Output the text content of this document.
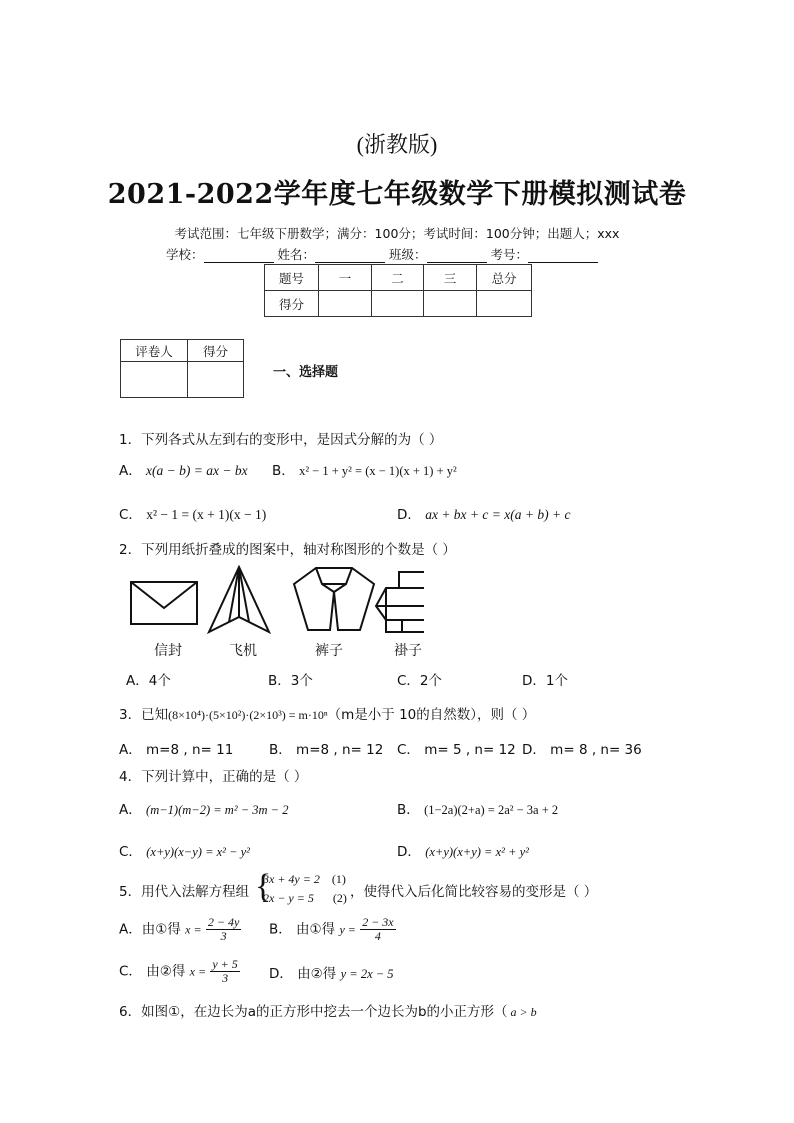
(浙教版)
2021-2022学年度七年级数学下册模拟测试卷
考试范围：七年级下册数学；满分：100分；考试时间：100分钟；出题人；xxx
学校：	姓名：	班级：	考号：
题号	一	二	三	总分
得分				
评卷人	得分

一、选择题
1．下列各式从左到右的变形中，是因式分解的为（ ）
A． x(a − b) = ax − bx B． x² − 1 + y² = (x − 1)(x + 1) + y²
C． x² − 1 = (x + 1)(x − 1)	D． ax + bx + c = x(a + b) + c
2．下列用纸折叠成的图案中，轴对称图形的个数是（ ）
信封	飞机	裤子	褂子
A．4个	B．3个	C．2个	D．1个
3．已知(8×10⁴)·(5×10²)·(2×10³) = m·10ⁿ（m是小于 10的自然数），则（ ）
A． m=8 , n= 11	B． m=8 , n= 12 C． m= 5 , n= 12 D． m= 8 , n= 36
4．下列计算中，正确的是（ ）
A． (m−1)(m−2) = m² − 3m − 2	B． (1−2a)(2+a) = 2a² − 3a + 2
C． (x+y)(x−y) = x² − y²	D． (x+y)(x+y) = x² + y²
5．用代入法解方程组 {
3x + 4y = 2 (1)
2x − y = 5 (2) ，使得代入后化简比较容易的变形是（ ）
A．由①得 $x = \frac{2 - 4y}{3}$ B． 由①得 $y = \frac{2 - 3x}{4}$
C． 由②得 $x = \frac{y + 5}{3}$ D． 由②得 y = 2x − 5
6．如图①，在边长为a的正方形中挖去一个边长为b的小正方形（ a > b
